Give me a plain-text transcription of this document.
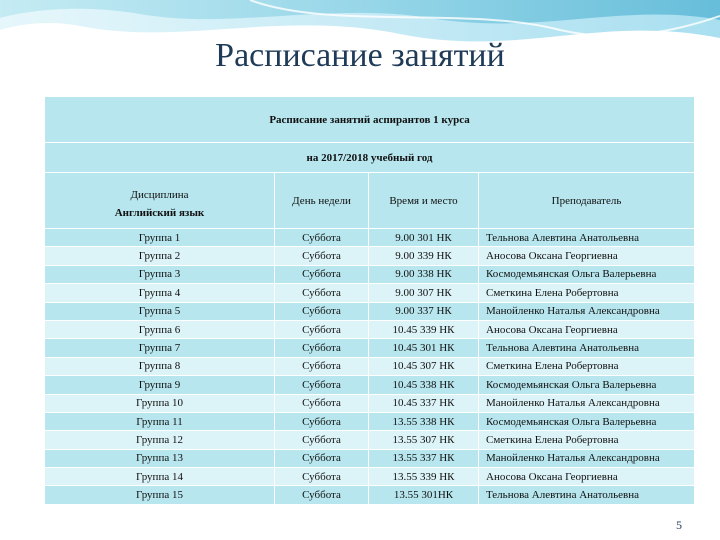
Расписание занятий
Расписание занятий аспирантов 1 курса			
на 2017/2018 учебный год			

Дисциплина
Английский язык	День недели	Время и место	Преподаватель
Группа 1	Суббота	9.00 301 НК	Тельнова Алевтина Анатольевна
Группа 2	Суббота	9.00 339 НК	Аносова Оксана Георгиевна
Группа 3	Суббота	9.00 338 НК	Космодемьянская Ольга Валерьевна
Группа 4	Суббота	9.00 307 НК	Сметкина Елена Робертовна
Группа 5	Суббота	9.00 337 НК	Манойленко Наталья Александровна
Группа 6	Суббота	10.45 339 НК	Аносова Оксана Георгиевна
Группа 7	Суббота	10.45 301 НК	Тельнова Алевтина Анатольевна
Группа 8	Суббота	10.45 307 НК	Сметкина Елена Робертовна
Группа 9	Суббота	10.45 338 НК	Космодемьянская Ольга Валерьевна
Группа 10	Суббота	10.45 337 НК	Манойленко Наталья Александровна
Группа 11	Суббота	13.55 338 НК	Космодемьянская Ольга Валерьевна
Группа 12	Суббота	13.55 307 НК	Сметкина Елена Робертовна
Группа 13	Суббота	13.55 337 НК	Манойленко Наталья Александровна
Группа 14	Суббота	13.55 339 НК	Аносова Оксана Георгиевна
Группа 15	Суббота	13.55 301НК	Тельнова Алевтина Анатольевна
5
